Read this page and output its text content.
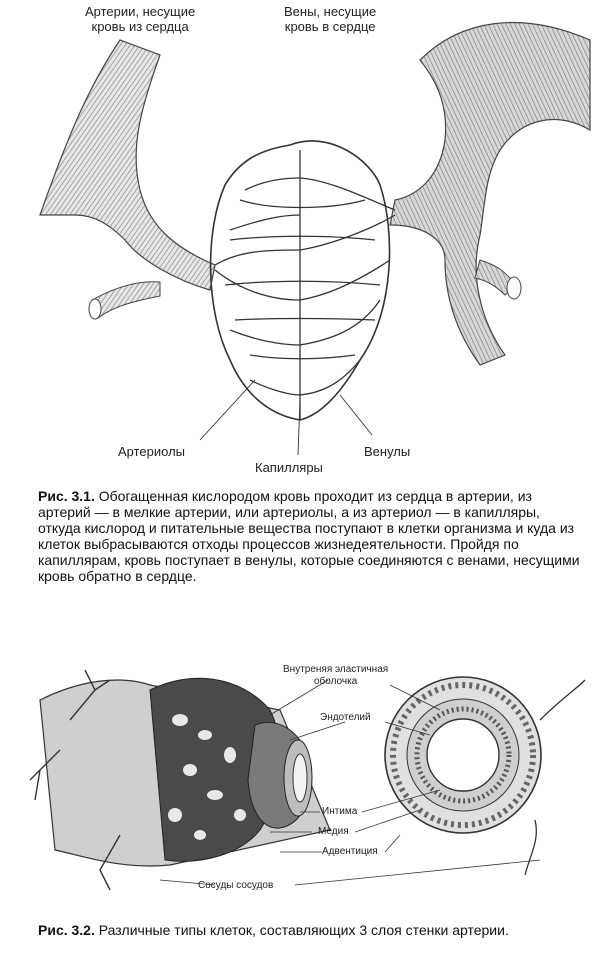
Артерии, несущие
кровь из сердца
Вены, несущие
кровь в сердце
Артериолы
Капилляры
Венулы
Рис. 3.1. Обогащенная кислородом кровь проходит из сердца в артерии, из артерий — в мелкие артерии, или артериолы, а из артериол — в капилляры, откуда кислород и питательные вещества поступают в клетки организма и куда из клеток выбрасываются отходы процессов жизнедеятельности. Пройдя по капиллярам, кровь поступает в венулы, которые соединяются с венами, несущими кровь обратно в сердце.
Внутреняя эластичная
оболочка
Эндотелий
Интима
Медия
Адвентиция
Сосуды сосудов
Рис. 3.2. Различные типы клеток, составляющих 3 слоя стенки артерии.
